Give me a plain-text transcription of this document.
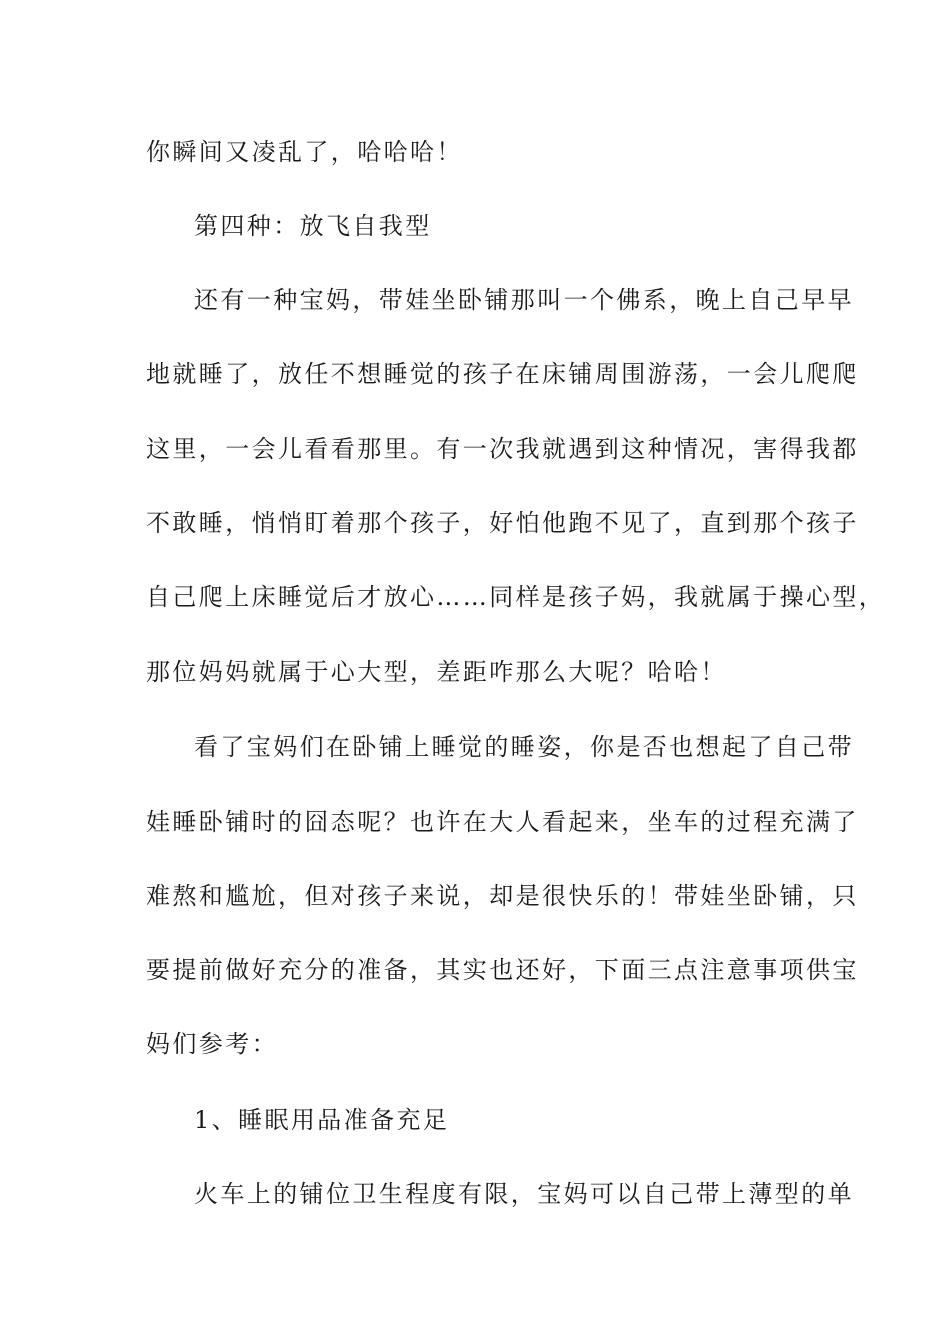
你瞬间又凌乱了，哈哈哈！
第四种：放飞自我型
还有一种宝妈，带娃坐卧铺那叫一个佛系，晚上自己早早
地就睡了，放任不想睡觉的孩子在床铺周围游荡，一会儿爬爬
这里，一会儿看看那里。有一次我就遇到这种情况，害得我都
不敢睡，悄悄盯着那个孩子，好怕他跑不见了，直到那个孩子
自己爬上床睡觉后才放心……同样是孩子妈，我就属于操心型，
那位妈妈就属于心大型，差距咋那么大呢？哈哈！
看了宝妈们在卧铺上睡觉的睡姿，你是否也想起了自己带
娃睡卧铺时的囧态呢？也许在大人看起来，坐车的过程充满了
难熬和尴尬，但对孩子来说，却是很快乐的！带娃坐卧铺，只
要提前做好充分的准备，其实也还好，下面三点注意事项供宝
妈们参考：
1、睡眠用品准备充足
火车上的铺位卫生程度有限，宝妈可以自己带上薄型的单
